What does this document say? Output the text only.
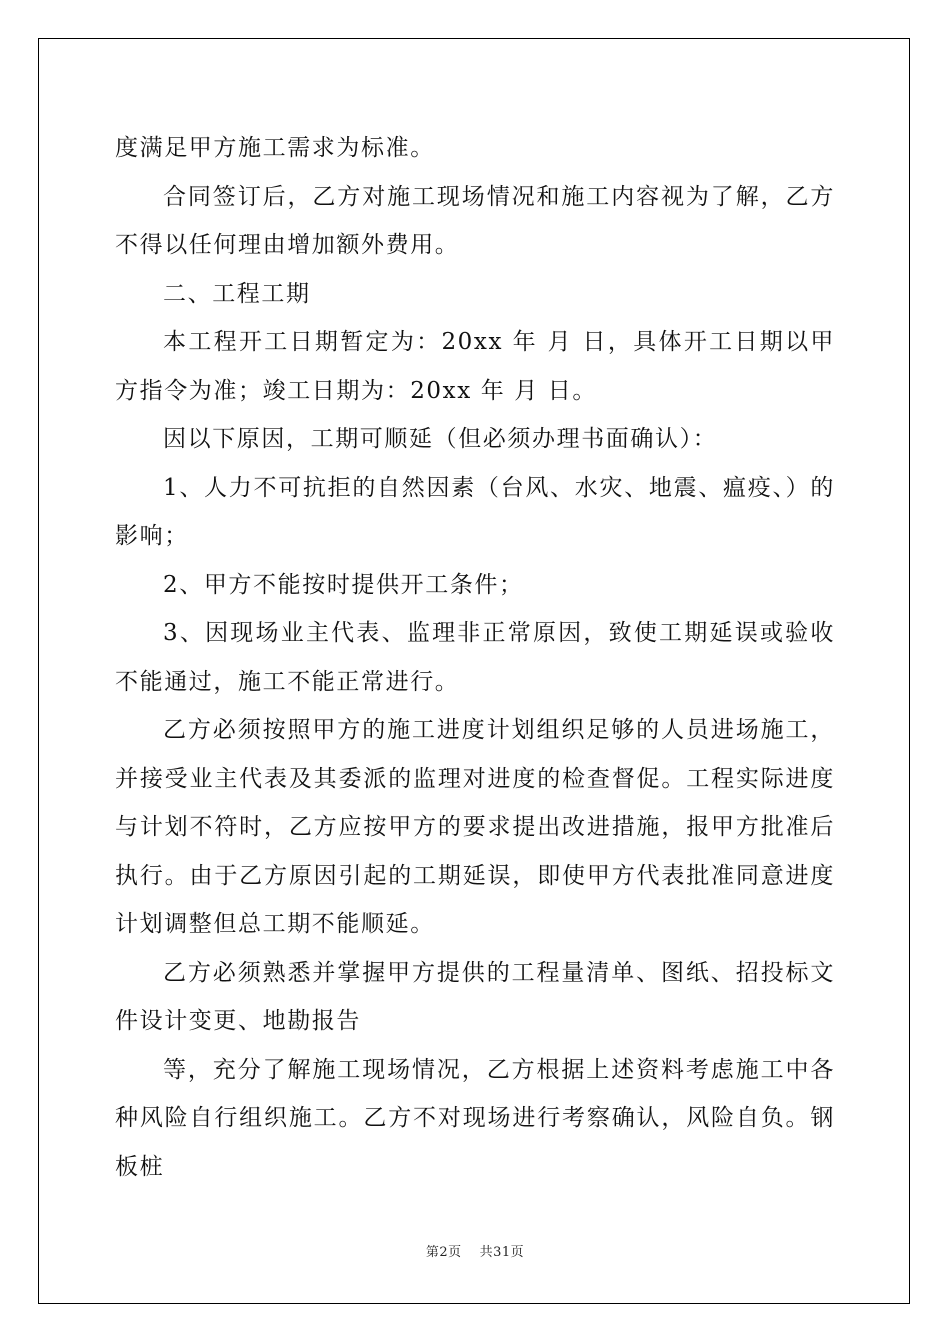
度满足甲方施工需求为标准。

合同签订后，乙方对施工现场情况和施工内容视为了解，乙方不得以任何理由增加额外费用。

二、工程工期

本工程开工日期暂定为：20xx 年 月 日，具体开工日期以甲方指令为准；竣工日期为：20xx 年 月 日。

因以下原因，工期可顺延（但必须办理书面确认）：

1、人力不可抗拒的自然因素（台风、水灾、地震、瘟疫、）的影响；

2、甲方不能按时提供开工条件；

3、因现场业主代表、监理非正常原因，致使工期延误或验收不能通过，施工不能正常进行。

乙方必须按照甲方的施工进度计划组织足够的人员进场施工，并接受业主代表及其委派的监理对进度的检查督促。工程实际进度与计划不符时，乙方应按甲方的要求提出改进措施，报甲方批准后执行。由于乙方原因引起的工期延误，即使甲方代表批准同意进度计划调整但总工期不能顺延。

乙方必须熟悉并掌握甲方提供的工程量清单、图纸、招投标文件设计变更、地勘报告

等，充分了解施工现场情况，乙方根据上述资料考虑施工中各种风险自行组织施工。乙方不对现场进行考察确认，风险自负。钢板桩

第2页 共31页
